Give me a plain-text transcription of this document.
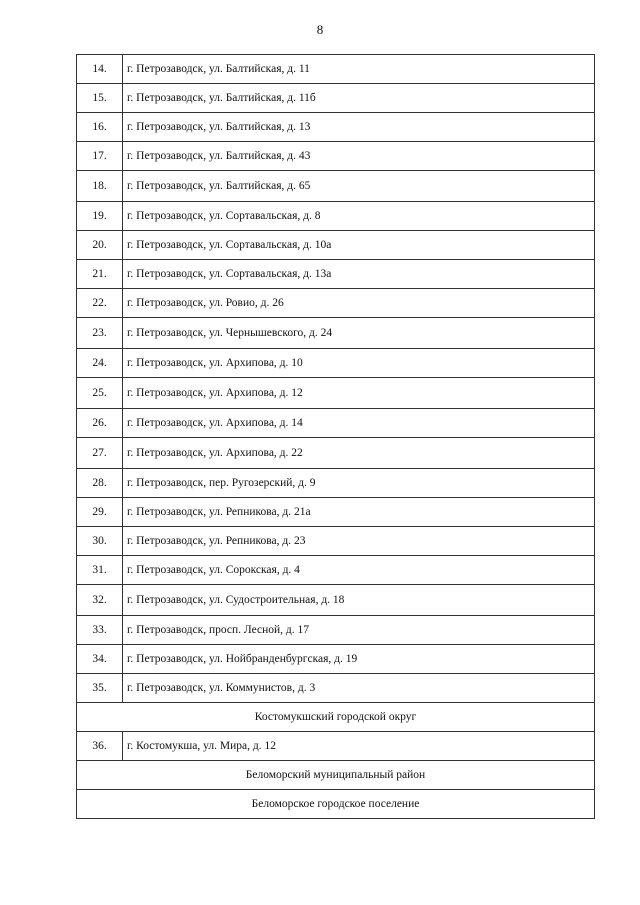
8
14.	г. Петрозаводск, ул. Балтийская, д. 11
15.	г. Петрозаводск, ул. Балтийская, д. 11б
16.	г. Петрозаводск, ул. Балтийская, д. 13
17.	г. Петрозаводск, ул. Балтийская, д. 43
18.	г. Петрозаводск, ул. Балтийская, д. 65
19.	г. Петрозаводск, ул. Сортавальская, д. 8
20.	г. Петрозаводск, ул. Сортавальская, д. 10а
21.	г. Петрозаводск, ул. Сортавальская, д. 13а
22.	г. Петрозаводск, ул. Ровио, д. 26
23.	г. Петрозаводск, ул. Чернышевского, д. 24
24.	г. Петрозаводск, ул. Архипова, д. 10
25.	г. Петрозаводск, ул. Архипова, д. 12
26.	г. Петрозаводск, ул. Архипова, д. 14
27.	г. Петрозаводск, ул. Архипова, д. 22
28.	г. Петрозаводск, пер. Ругозерский, д. 9
29.	г. Петрозаводск, ул. Репникова, д. 21а
30.	г. Петрозаводск, ул. Репникова, д. 23
31.	г. Петрозаводск, ул. Сорокская, д. 4
32.	г. Петрозаводск, ул. Судостроительная, д. 18
33.	г. Петрозаводск, просп. Лесной, д. 17
34.	г. Петрозаводск, ул. Нойбранденбургская, д. 19
35.	г. Петрозаводск, ул. Коммунистов, д. 3
Костомукшский городской округ	
36.	г. Костомукша, ул. Мира, д. 12
Беломорский муниципальный район	
Беломорское городское поселение	
